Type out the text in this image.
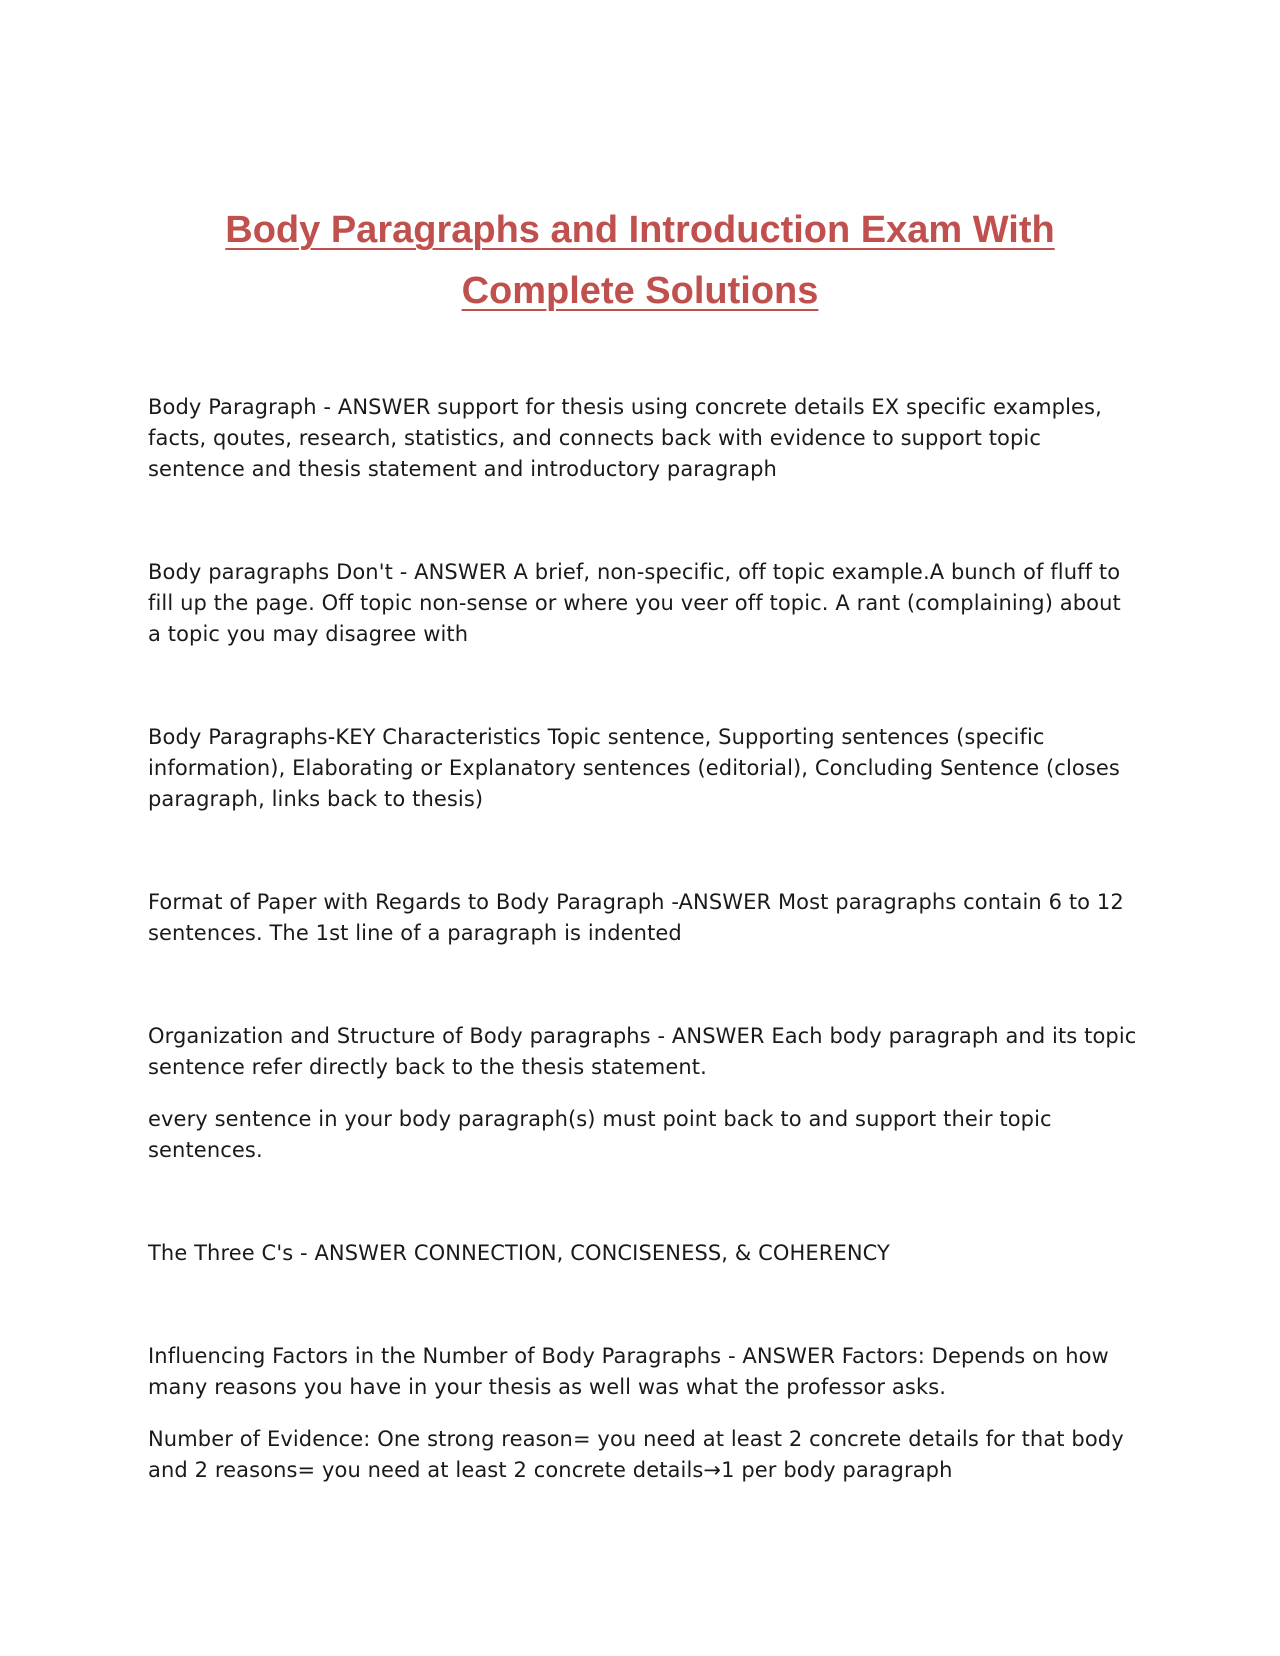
Body Paragraphs and Introduction Exam With
Complete Solutions

Body Paragraph - ANSWER support for thesis using concrete details EX specific examples, facts, qoutes, research, statistics, and connects back with evidence to support topic sentence and thesis statement and introductory paragraph

Body paragraphs Don't - ANSWER A brief, non-specific, off topic example.A bunch of fluff to fill up the page. Off topic non-sense or where you veer off topic. A rant (complaining) about a topic you may disagree with

Body Paragraphs-KEY Characteristics Topic sentence, Supporting sentences (specific information), Elaborating or Explanatory sentences (editorial), Concluding Sentence (closes paragraph, links back to thesis)

Format of Paper with Regards to Body Paragraph -ANSWER Most paragraphs contain 6 to 12 sentences. The 1st line of a paragraph is indented

Organization and Structure of Body paragraphs - ANSWER Each body paragraph and its topic sentence refer directly back to the thesis statement.

every sentence in your body paragraph(s) must point back to and support their topic sentences.

The Three C's - ANSWER CONNECTION, CONCISENESS, & COHERENCY

Influencing Factors in the Number of Body Paragraphs - ANSWER Factors: Depends on how many reasons you have in your thesis as well was what the professor asks.

Number of Evidence: One strong reason= you need at least 2 concrete details for that body and 2 reasons= you need at least 2 concrete details→1 per body paragraph
